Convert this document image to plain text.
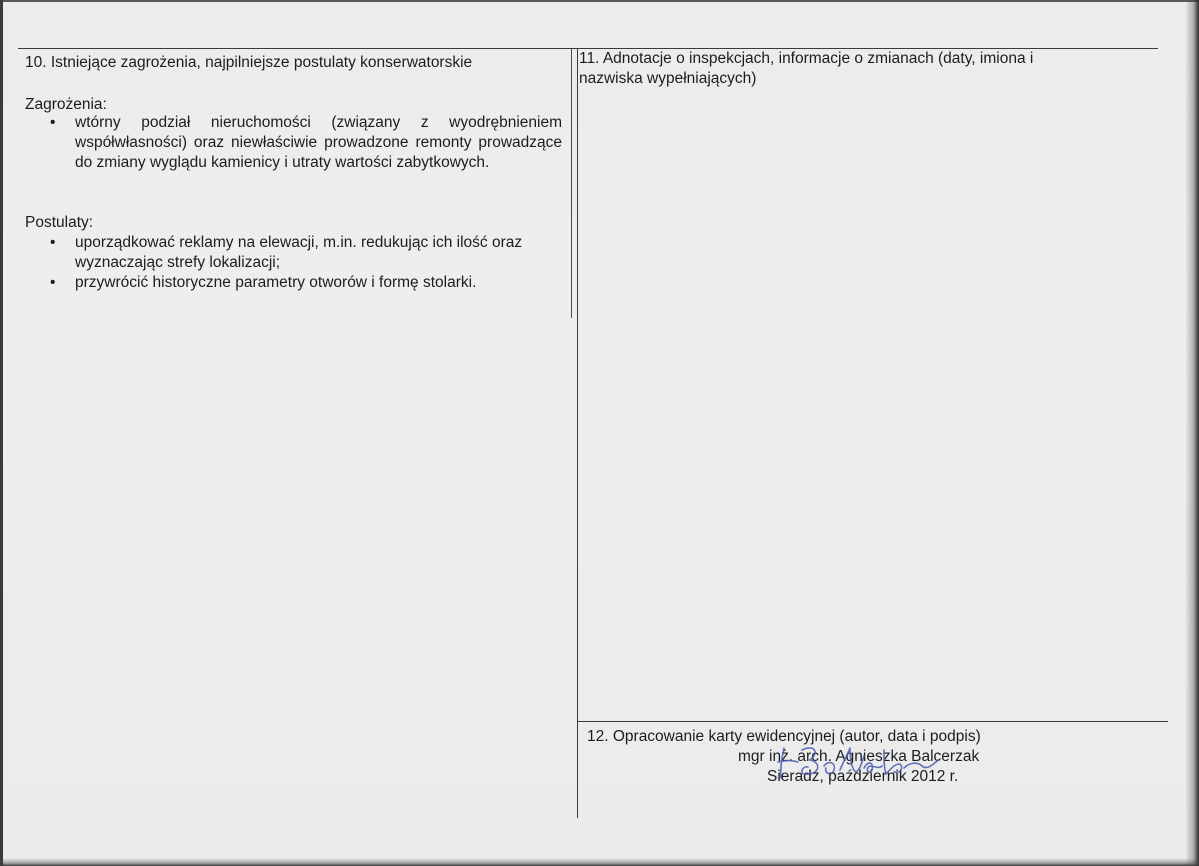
10. Istniejące zagrożenia, najpilniejsze postulaty konserwatorskie
Zagrożenia:
• wtórny podział nieruchomości (związany z wyodrębnieniem współwłasności) oraz niewłaściwie prowadzone remonty prowadzące do zmiany wyglądu kamienicy i utraty wartości zabytkowych.
Postulaty:
• uporządkować reklamy na elewacji, m.in. redukując ich ilość oraz wyznaczając strefy lokalizacji;
• przywrócić historyczne parametry otworów i formę stolarki.
11. Adnotacje o inspekcjach, informacje o zmianach (daty, imiona i
nazwiska wypełniających)
12. Opracowanie karty ewidencyjnej (autor, data i podpis)
mgr inż. arch. Agnieszka Balcerzak
Sieradz, październik 2012 r.
